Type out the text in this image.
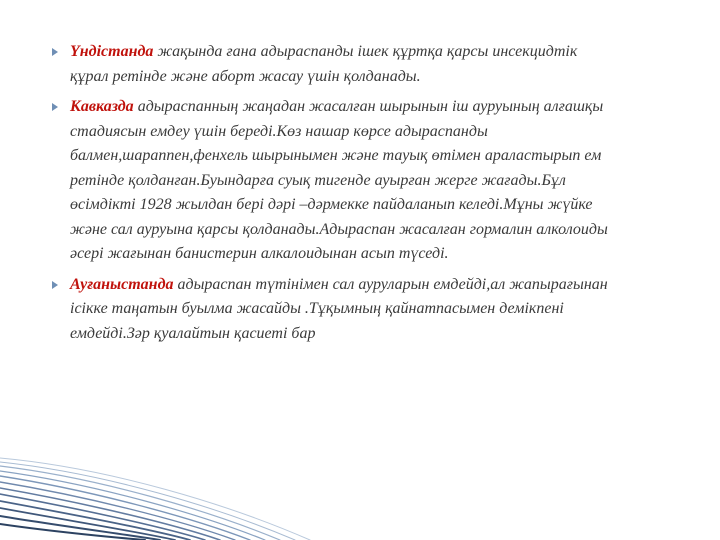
Үндістанда жақында ғана адыраспанды ішек құртқа қарсы инсекцидтік құрал ретінде және аборт жасау үшін қолданады.

Кавказда адыраспанның жаңадан жасалған шырынын іш ауруының алғашқы стадиясын емдеу үшін береді.Көз нашар көрсе адыраспанды балмен,шараппен,фенхель шырынымен және тауық өтімен араластырып ем ретінде қолданған.Буындарға суық тигенде ауырған жерге жағады.Бұл өсімдікті 1928 жылдан бері дәрі –дәрмекке пайдаланып келеді.Мұны жүйке және сал ауруына қарсы қолданады.Адыраспан жасалған гормалин алколоиды әсері жағынан банистерин алкалоидынан асып түседі.

Ауғаныстанда адыраспан түтінімен сал ауруларын емдейді,ал жапырағынан ісікке таңатын буылма жасайды .Тұқымның қайнатпасымен демікпені емдейді.Зәр қуалайтын қасиеті бар
